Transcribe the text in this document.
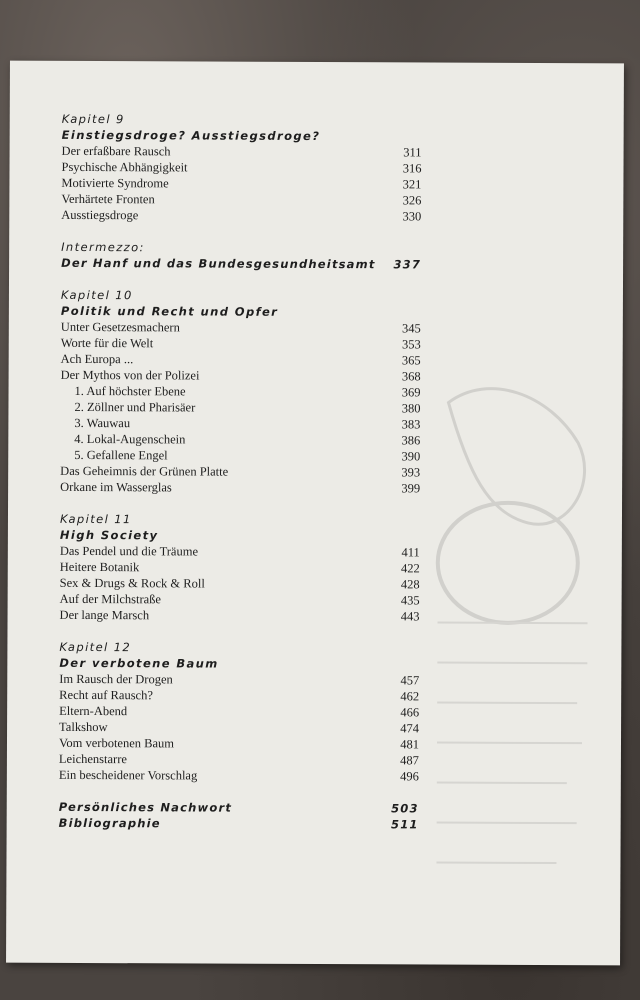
Kapitel 9
Einstiegsdroge? Ausstiegsdroge?
Der erfaßbare Rausch	311
Psychische Abhängigkeit	316
Motivierte Syndrome	321
Verhärtete Fronten	326
Ausstiegsdroge	330
Intermezzo:
Der Hanf und das Bundesgesundheitsamt 337
Kapitel 10
Politik und Recht und Opfer
Unter Gesetzesmachern	345
Worte für die Welt	353
Ach Europa ...	365
Der Mythos von der Polizei	368
1. Auf höchster Ebene	369
2. Zöllner und Pharisäer	380
3. Wauwau	383
4. Lokal-Augenschein	386
5. Gefallene Engel	390
Das Geheimnis der Grünen Platte	393
Orkane im Wasserglas	399
Kapitel 11
High Society
Das Pendel und die Träume	411
Heitere Botanik	422
Sex & Drugs & Rock & Roll	428
Auf der Milchstraße	435
Der lange Marsch	443
Kapitel 12
Der verbotene Baum
Im Rausch der Drogen	457
Recht auf Rausch?	462
Eltern-Abend	466
Talkshow	474
Vom verbotenen Baum	481
Leichenstarre	487
Ein bescheidener Vorschlag	496
Persönliches Nachwort	503
Bibliographie	511
